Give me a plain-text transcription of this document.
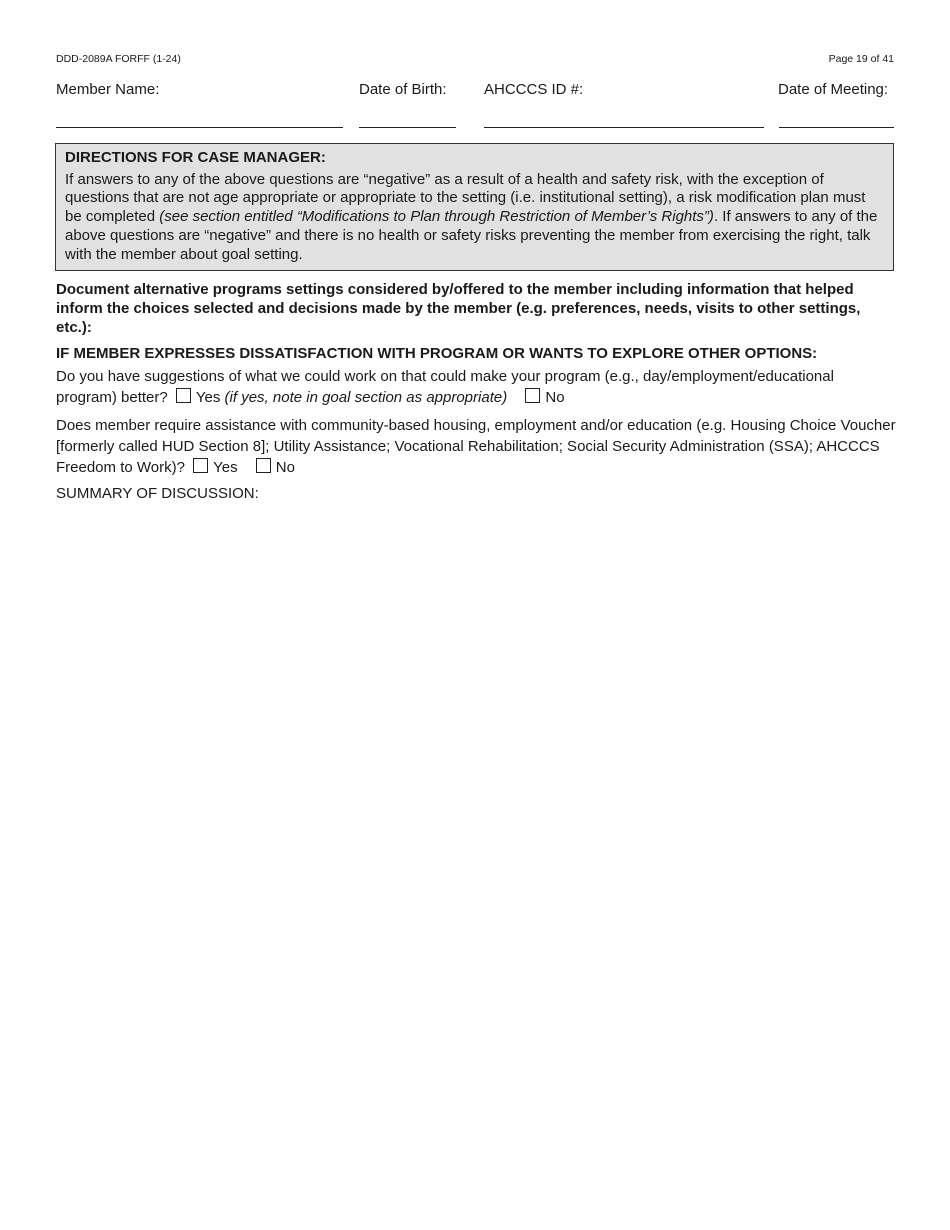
DDD-2089A FORFF (1-24)	Page 19 of 41
Member Name:	Date of Birth: AHCCCS ID #:	Date of Meeting:
DIRECTIONS FOR CASE MANAGER:
If answers to any of the above questions are “negative” as a result of a health and safety risk, with the exception of questions that are not age appropriate or appropriate to the setting (i.e. institutional setting), a risk modification plan must be completed (see section entitled “Modifications to Plan through Restriction of Member’s Rights”). If answers to any of the above questions are “negative” and there is no health or safety risks preventing the member from exercising the right, talk with the member about goal setting.
Document alternative programs settings considered by/offered to the member including information that helped inform the choices selected and decisions made by the member (e.g. preferences, needs, visits to other settings, etc.):
IF MEMBER EXPRESSES DISSATISFACTION WITH PROGRAM OR WANTS TO EXPLORE OTHER OPTIONS:
Do you have suggestions of what we could work on that could make your program (e.g., day/employment/educational program) better? Yes (if yes, note in goal section as appropriate)	No
Does member require assistance with community-based housing, employment and/or education (e.g. Housing Choice Voucher [formerly called HUD Section 8]; Utility Assistance; Vocational Rehabilitation; Social Security Administration (SSA); AHCCCS Freedom to Work)? Yes	No
SUMMARY OF DISCUSSION:
